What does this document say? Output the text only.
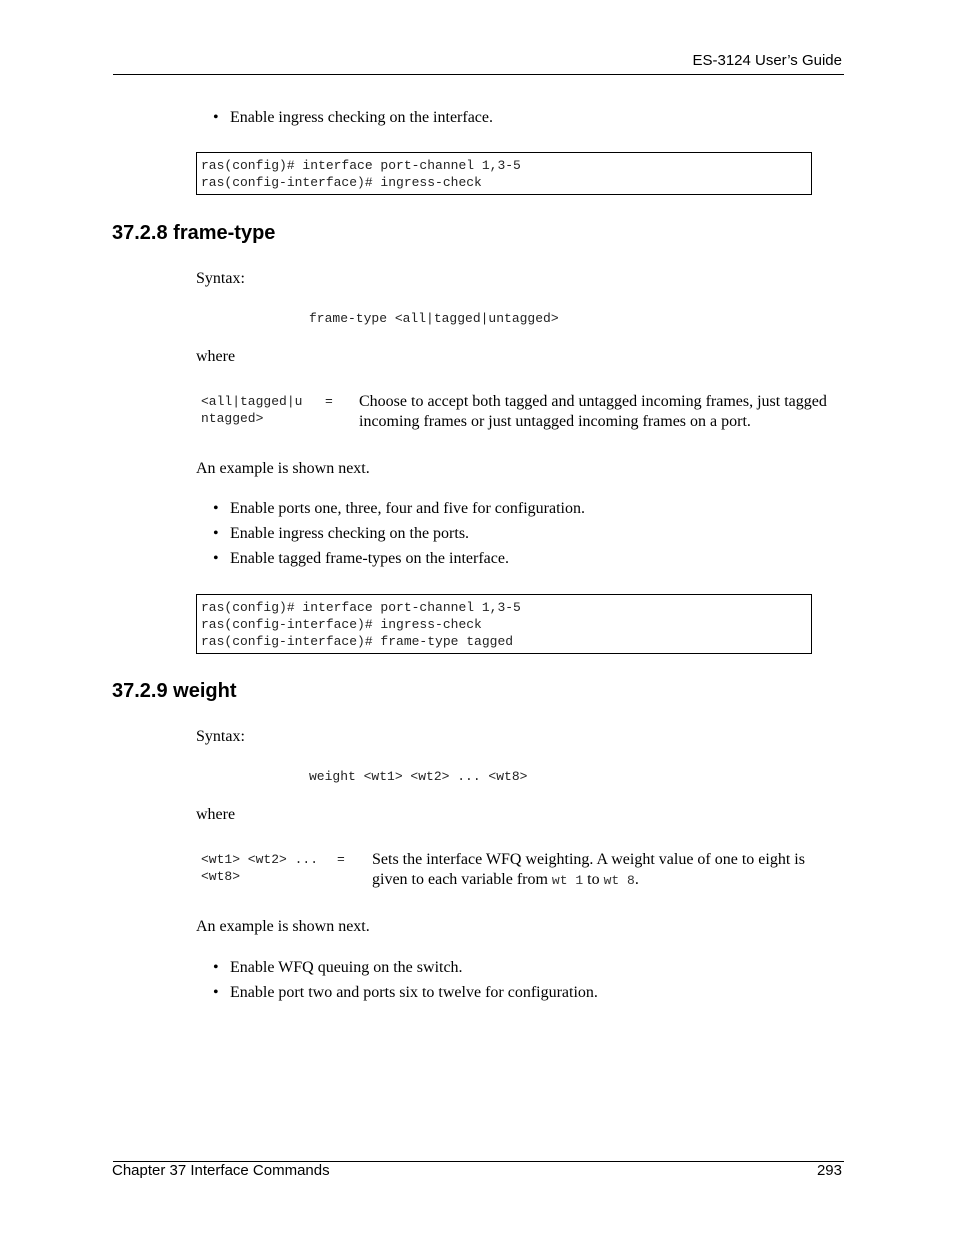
ES-3124 User’s Guide
• Enable ingress checking on the interface.
ras(config)# interface port-channel 1,3-5
ras(config-interface)# ingress-check
37.2.8 frame-type
Syntax:
frame-type <all|tagged|untagged>
where
<all|tagged|u
ntagged>
= Choose to accept both tagged and untagged incoming frames, just tagged incoming frames or just untagged incoming frames on a port.
An example is shown next.
• Enable ports one, three, four and five for configuration.
• Enable ingress checking on the ports.
• Enable tagged frame-types on the interface.
ras(config)# interface port-channel 1,3-5
ras(config-interface)# ingress-check
ras(config-interface)# frame-type tagged
37.2.9 weight
Syntax:
weight <wt1> <wt2> ... <wt8>
where
<wt1> <wt2> ...
<wt8>
= Sets the interface WFQ weighting. A weight value of one to eight is
given to each variable from wt 1 to wt 8.
An example is shown next.
• Enable WFQ queuing on the switch.
• Enable port two and ports six to twelve for configuration.
Chapter 37 Interface Commands	293
